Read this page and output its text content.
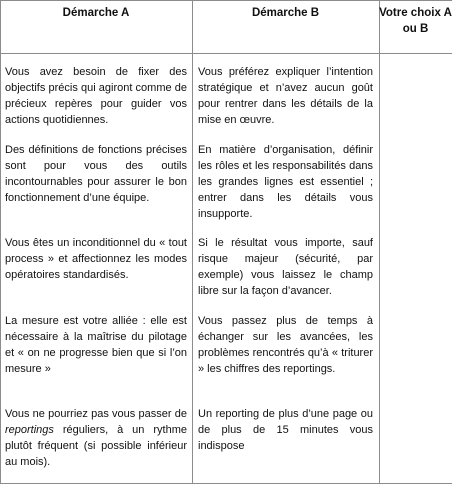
Démarche A	Démarche B	Votre choix A ou B
Vous avez besoin de fixer des objectifs précis qui agiront comme de précieux repères pour guider vos actions quotidiennes.
Vous préférez expliquer l’intention stratégique et n’avez aucun goût pour rentrer dans les détails de la mise en œuvre.
Des définitions de fonctions précises sont pour vous des outils incontournables pour assurer le bon fonctionnement d’une équipe.
En matière d’organisation, définir les rôles et les responsabilités dans les grandes lignes est essentiel ; entrer dans les détails vous insupporte.
Vous êtes un inconditionnel du « tout process » et affectionnez les modes opératoires standardisés.
Si le résultat vous importe, sauf risque majeur (sécurité, par exemple) vous laissez le champ libre sur la façon d’avancer.
La mesure est votre alliée : elle est nécessaire à la maîtrise du pilotage et « on ne progresse bien que si l’on mesure »
Vous passez plus de temps à échanger sur les avancées, les problèmes rencontrés qu’à « triturer » les chiffres des reportings.
Vous ne pourriez pas vous passer de reportings réguliers, à un rythme plutôt fréquent (si possible inférieur au mois).
Un reporting de plus d’une page ou de plus de 15 minutes vous indispose
